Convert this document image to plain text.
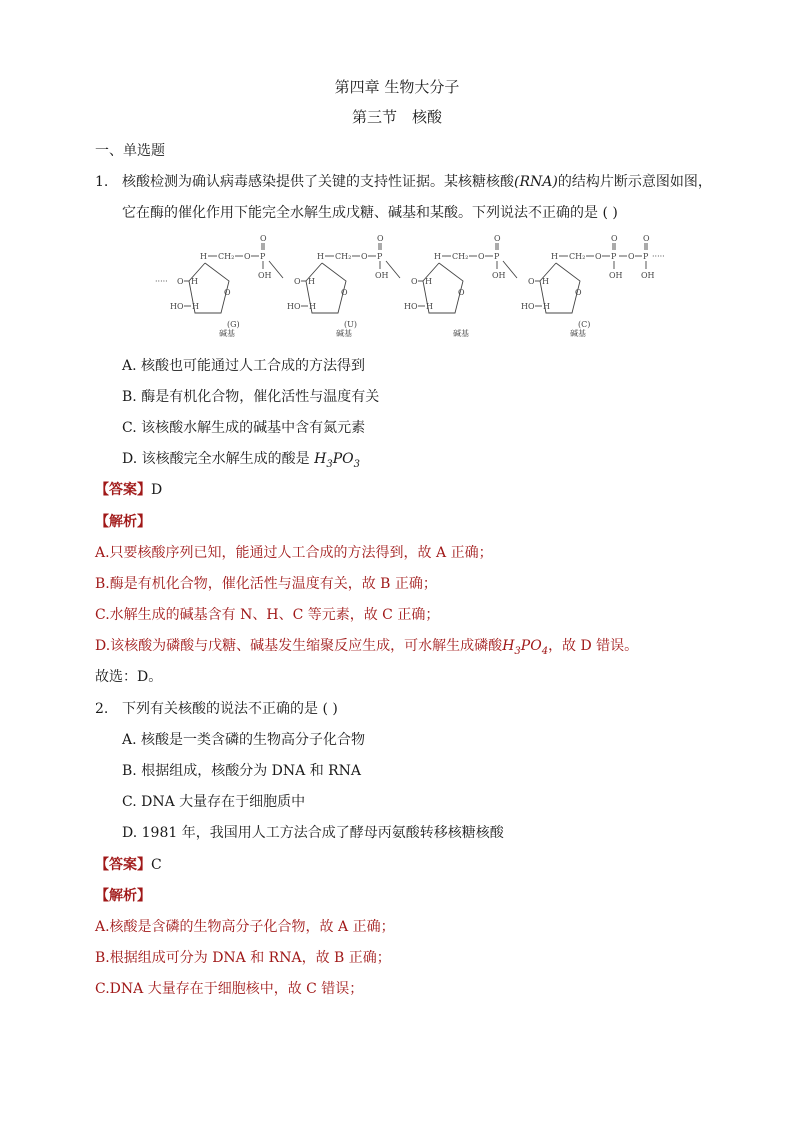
第四章 生物大分子
第三节　核酸
一、单选题
1. 核酸检测为确认病毒感染提供了关键的支持性证据。某核糖核酸(RNA)的结构片断示意图如图，
它在酶的催化作用下能完全水解生成戊糖、碱基和某酸。下列说法不正确的是 ( )
O
H CH₂ O P
O
OH
O H
HO H
(G)
碱基
O
H CH₂ O P
O
OH
O H
HO H
(U)
碱基
O
H CH₂ O P
O
OH
O H
HO H
碱基
O
H CH₂ O P
O
OH
O P
O
OH
·····
O H
HO H
(C)
碱基
·····
A. 核酸也可能通过人工合成的方法得到
B. 酶是有机化合物，催化活性与温度有关
C. 该核酸水解生成的碱基中含有氮元素
D. 该核酸完全水解生成的酸是 $H_3PO_3$
【答案】D
【解析】
A.只要核酸序列已知，能通过人工合成的方法得到，故 A 正确；
B.酶是有机化合物，催化活性与温度有关，故 B 正确；
C.水解生成的碱基含有 N、H、C 等元素，故 C 正确；
D.该核酸为磷酸与戊糖、碱基发生缩聚反应生成，可水解生成磷酸$H_3PO_4$，故 D 错误。
故选：D。
2. 下列有关核酸的说法不正确的是 ( )
A. 核酸是一类含磷的生物高分子化合物
B. 根据组成，核酸分为 DNA 和 RNA
C. DNA 大量存在于细胞质中
D. 1981 年，我国用人工方法合成了酵母丙氨酸转移核糖核酸
【答案】C
【解析】
A.核酸是含磷的生物高分子化合物，故 A 正确；
B.根据组成可分为 DNA 和 RNA，故 B 正确；
C.DNA 大量存在于细胞核中，故 C 错误；
